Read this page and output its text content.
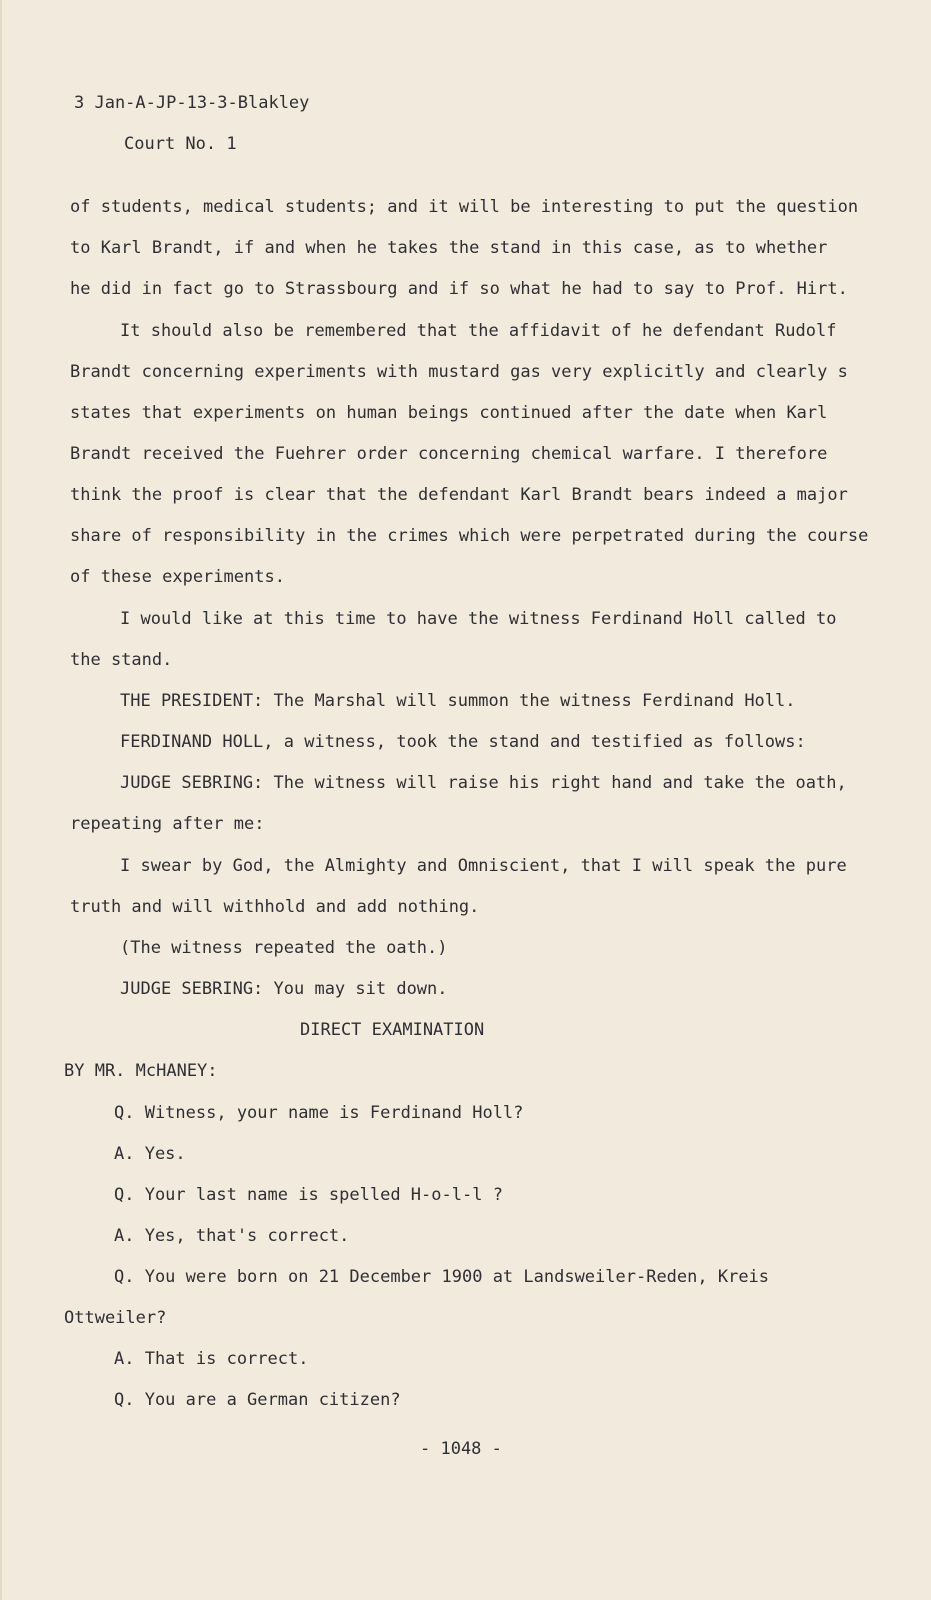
3 Jan-A-JP-13-3-Blakley
Court No. 1
of students, medical students; and it will be interesting to put the question
to Karl Brandt, if and when he takes the stand in this case, as to whether
he did in fact go to Strassbourg and if so what he had to say to Prof. Hirt.
It should also be remembered that the affidavit of he defendant Rudolf
Brandt concerning experiments with mustard gas very explicitly and clearly s
states that experiments on human beings continued after the date when Karl
Brandt received the Fuehrer order concerning chemical warfare. I therefore
think the proof is clear that the defendant Karl Brandt bears indeed a major
share of responsibility in the crimes which were perpetrated during the course
of these experiments.
I would like at this time to have the witness Ferdinand Holl called to
the stand.
THE PRESIDENT: The Marshal will summon the witness Ferdinand Holl.
FERDINAND HOLL, a witness, took the stand and testified as follows:
JUDGE SEBRING: The witness will raise his right hand and take the oath,
repeating after me:
I swear by God, the Almighty and Omniscient, that I will speak the pure
truth and will withhold and add nothing.
(The witness repeated the oath.)
JUDGE SEBRING: You may sit down.
DIRECT EXAMINATION
BY MR. McHANEY:
Q. Witness, your name is Ferdinand Holl?
A. Yes.
Q. Your last name is spelled H-o-l-l ?
A. Yes, that's correct.
Q. You were born on 21 December 1900 at Landsweiler-Reden, Kreis
Ottweiler?
A. That is correct.
Q. You are a German citizen?
- 1048 -
